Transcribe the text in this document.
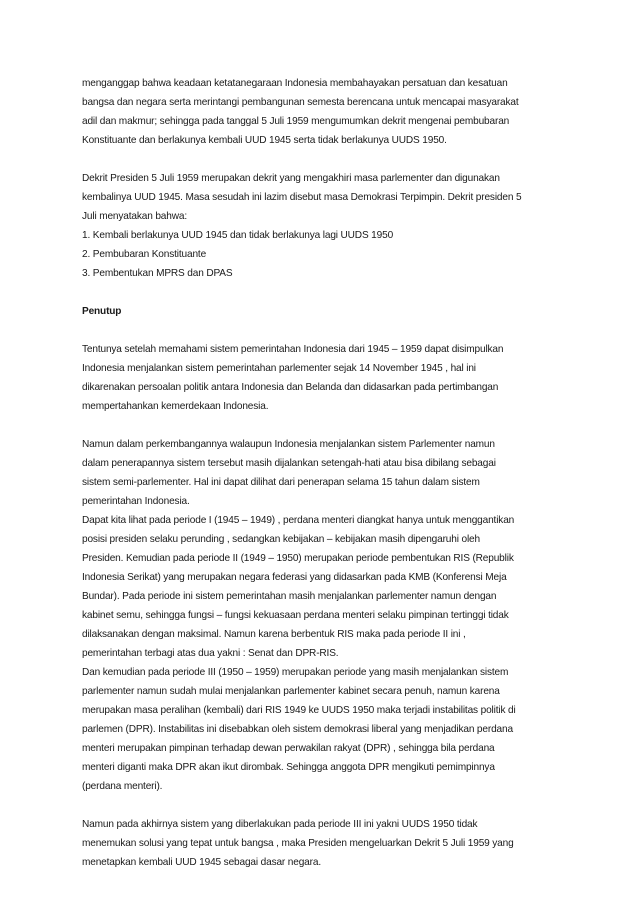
menganggap bahwa keadaan ketatanegaraan Indonesia membahayakan persatuan dan kesatuan
bangsa dan negara serta merintangi pembangunan semesta berencana untuk mencapai masyarakat
adil dan makmur; sehingga pada tanggal 5 Juli 1959 mengumumkan dekrit mengenai pembubaran
Konstituante dan berlakunya kembali UUD 1945 serta tidak berlakunya UUDS 1950.

Dekrit Presiden 5 Juli 1959 merupakan dekrit yang mengakhiri masa parlementer dan digunakan
kembalinya UUD 1945. Masa sesudah ini lazim disebut masa Demokrasi Terpimpin. Dekrit presiden 5
Juli menyatakan bahwa:
1. Kembali berlakunya UUD 1945 dan tidak berlakunya lagi UUDS 1950
2. Pembubaran Konstituante
3. Pembentukan MPRS dan DPAS

Penutup

Tentunya setelah memahami sistem pemerintahan Indonesia dari 1945 – 1959 dapat disimpulkan
Indonesia menjalankan sistem pemerintahan parlementer sejak 14 November 1945 , hal ini
dikarenakan persoalan politik antara Indonesia dan Belanda dan didasarkan pada pertimbangan
mempertahankan kemerdekaan Indonesia.

Namun dalam perkembangannya walaupun Indonesia menjalankan sistem Parlementer namun
dalam penerapannya sistem tersebut masih dijalankan setengah-hati atau bisa dibilang sebagai
sistem semi-parlementer. Hal ini dapat dilihat dari penerapan selama 15 tahun dalam sistem
pemerintahan Indonesia.
Dapat kita lihat pada periode I (1945 – 1949) , perdana menteri diangkat hanya untuk menggantikan
posisi presiden selaku perunding , sedangkan kebijakan – kebijakan masih dipengaruhi oleh
Presiden. Kemudian pada periode II (1949 – 1950) merupakan periode pembentukan RIS (Republik
Indonesia Serikat) yang merupakan negara federasi yang didasarkan pada KMB (Konferensi Meja
Bundar). Pada periode ini sistem pemerintahan masih menjalankan parlementer namun dengan
kabinet semu, sehingga fungsi – fungsi kekuasaan perdana menteri selaku pimpinan tertinggi tidak
dilaksanakan dengan maksimal. Namun karena berbentuk RIS maka pada periode II ini ,
pemerintahan terbagi atas dua yakni : Senat dan DPR-RIS.
Dan kemudian pada periode III (1950 – 1959) merupakan periode yang masih menjalankan sistem
parlementer namun sudah mulai menjalankan parlementer kabinet secara penuh, namun karena
merupakan masa peralihan (kembali) dari RIS 1949 ke UUDS 1950 maka terjadi instabilitas politik di
parlemen (DPR). Instabilitas ini disebabkan oleh sistem demokrasi liberal yang menjadikan perdana
menteri merupakan pimpinan terhadap dewan perwakilan rakyat (DPR) , sehingga bila perdana
menteri diganti maka DPR akan ikut dirombak. Sehingga anggota DPR mengikuti pemimpinnya
(perdana menteri).

Namun pada akhirnya sistem yang diberlakukan pada periode III ini yakni UUDS 1950 tidak
menemukan solusi yang tepat untuk bangsa , maka Presiden mengeluarkan Dekrit 5 Juli 1959 yang
menetapkan kembali UUD 1945 sebagai dasar negara.
